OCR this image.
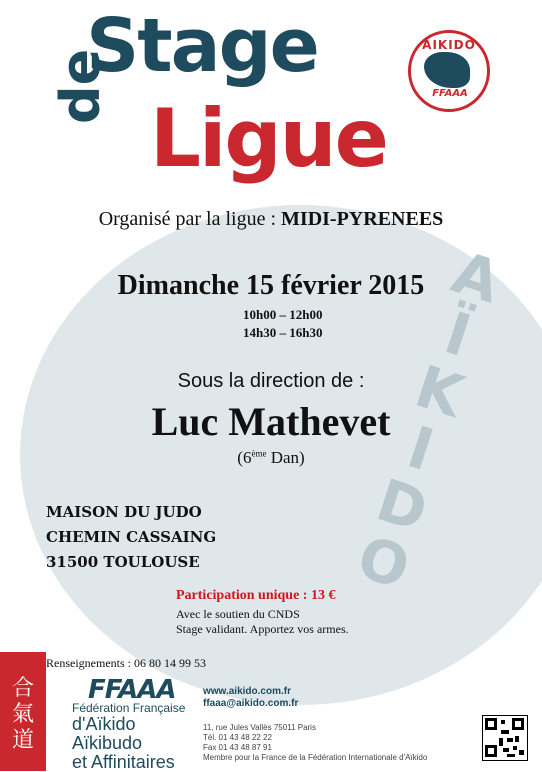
A
Ï
K
I
D
O
Stage
de
Ligue
AIKIDO
FFAAA
Organisé par la ligue : MIDI-PYRENEES
Dimanche 15 février 2015
10h00 – 12h00
14h30 – 16h30
Sous la direction de :
Luc Mathevet
(6ème Dan)
MAISON DU JUDO
CHEMIN CASSAING
31500 TOULOUSE
Participation unique : 13 €
Avec le soutien du CNDS
Stage validant. Apportez vos armes.
Renseignements : 06 80 14 99 53
合
氣
道
FFAAA
Fédération Française
d'Aïkido
Aïkibudo
et Affinitaires
www.aikido.com.fr
ffaaa@aikido.com.fr
11, rue Jules Vallès 75011 Paris
Tél. 01 43 48 22 22
Fax 01 43 48 87 91
Membre pour la France de la Fédération Internationale d'Aïkido
